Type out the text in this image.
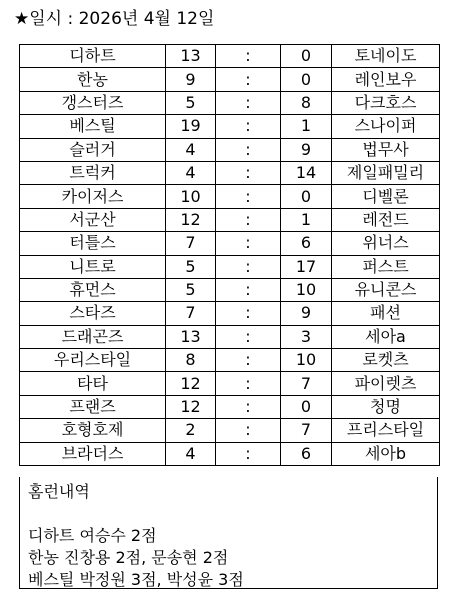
★일시 : 2026년 4월 12일
디하트	13	:	0	토네이도
한농	9	:	0	레인보우
갱스터즈	5	:	8	다크호스
베스틸	19	:	1	스나이퍼
슬러거	4	:	9	법무사
트럭커	4	:	14	제일패밀리
카이저스	10	:	0	디벨론
서군산	12	:	1	레전드
터틀스	7	:	6	위너스
니트로	5	:	17	퍼스트
휴먼스	5	:	10	유니콘스
스타즈	7	:	9	패션
드래곤즈	13	:	3	세아a
우리스타일	8	:	10	로켓츠
타타	12	:	7	파이렛츠
프랜즈	12	:	0	청명
호형호제	2	:	7	프리스타일
브라더스	4	:	6	세아b
홈런내역
디하트 여승수 2점
한농 진창용 2점, 문송현 2점
베스틸 박정원 3점, 박성윤 3점
